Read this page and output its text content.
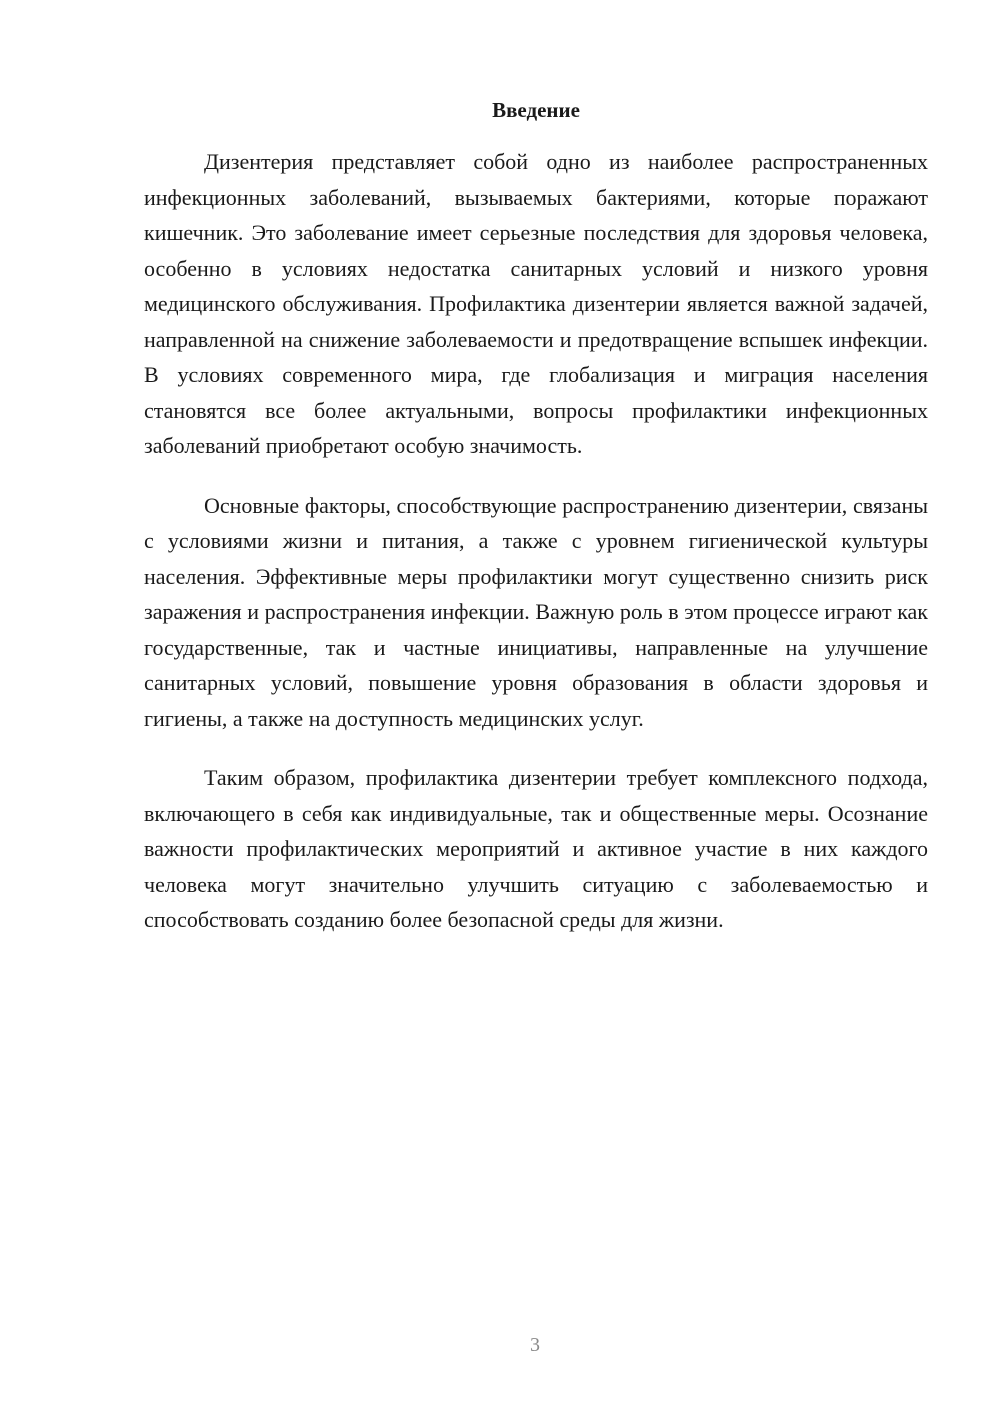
Введение

Дизентерия представляет собой одно из наиболее распространенных инфекционных заболеваний, вызываемых бактериями, которые поражают кишечник. Это заболевание имеет серьезные последствия для здоровья человека, особенно в условиях недостатка санитарных условий и низкого уровня медицинского обслуживания. Профилактика дизентерии является важной задачей, направленной на снижение заболеваемости и предотвращение вспышек инфекции. В условиях современного мира, где глобализация и миграция населения становятся все более актуальными, вопросы профилактики инфекционных заболеваний приобретают особую значимость.

Основные факторы, способствующие распространению дизентерии, связаны с условиями жизни и питания, а также с уровнем гигиенической культуры населения. Эффективные меры профилактики могут существенно снизить риск заражения и распространения инфекции. Важную роль в этом процессе играют как государственные, так и частные инициативы, направленные на улучшение санитарных условий, повышение уровня образования в области здоровья и гигиены, а также на доступность медицинских услуг.

Таким образом, профилактика дизентерии требует комплексного подхода, включающего в себя как индивидуальные, так и общественные меры. Осознание важности профилактических мероприятий и активное участие в них каждого человека могут значительно улучшить ситуацию с заболеваемостью и способствовать созданию более безопасной среды для жизни.

3
